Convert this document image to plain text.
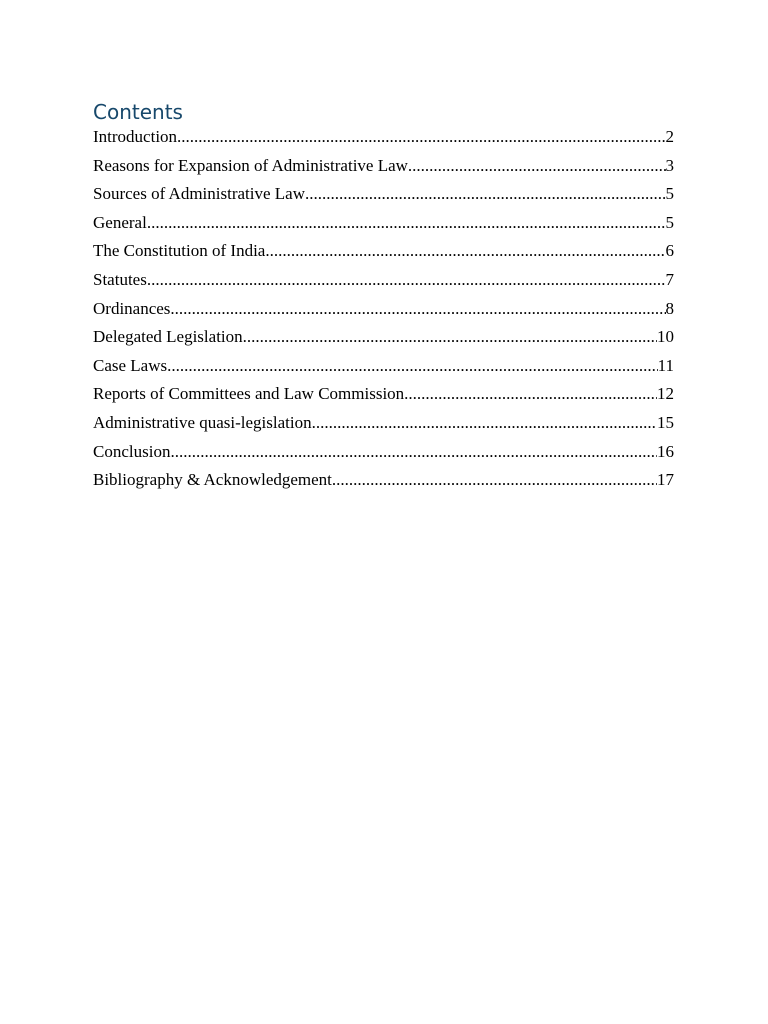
Contents
Introduction .....	2
Reasons for Expansion of Administrative Law .....	3
Sources of Administrative Law .....	5
General .....	5
The Constitution of India .....	6
Statutes .....	7
Ordinances .....	8
Delegated Legislation .....	10
Case Laws .....	11
Reports of Committees and Law Commission .....	12
Administrative quasi-legislation .....	15
Conclusion .....	16
Bibliography & Acknowledgement .....	17
